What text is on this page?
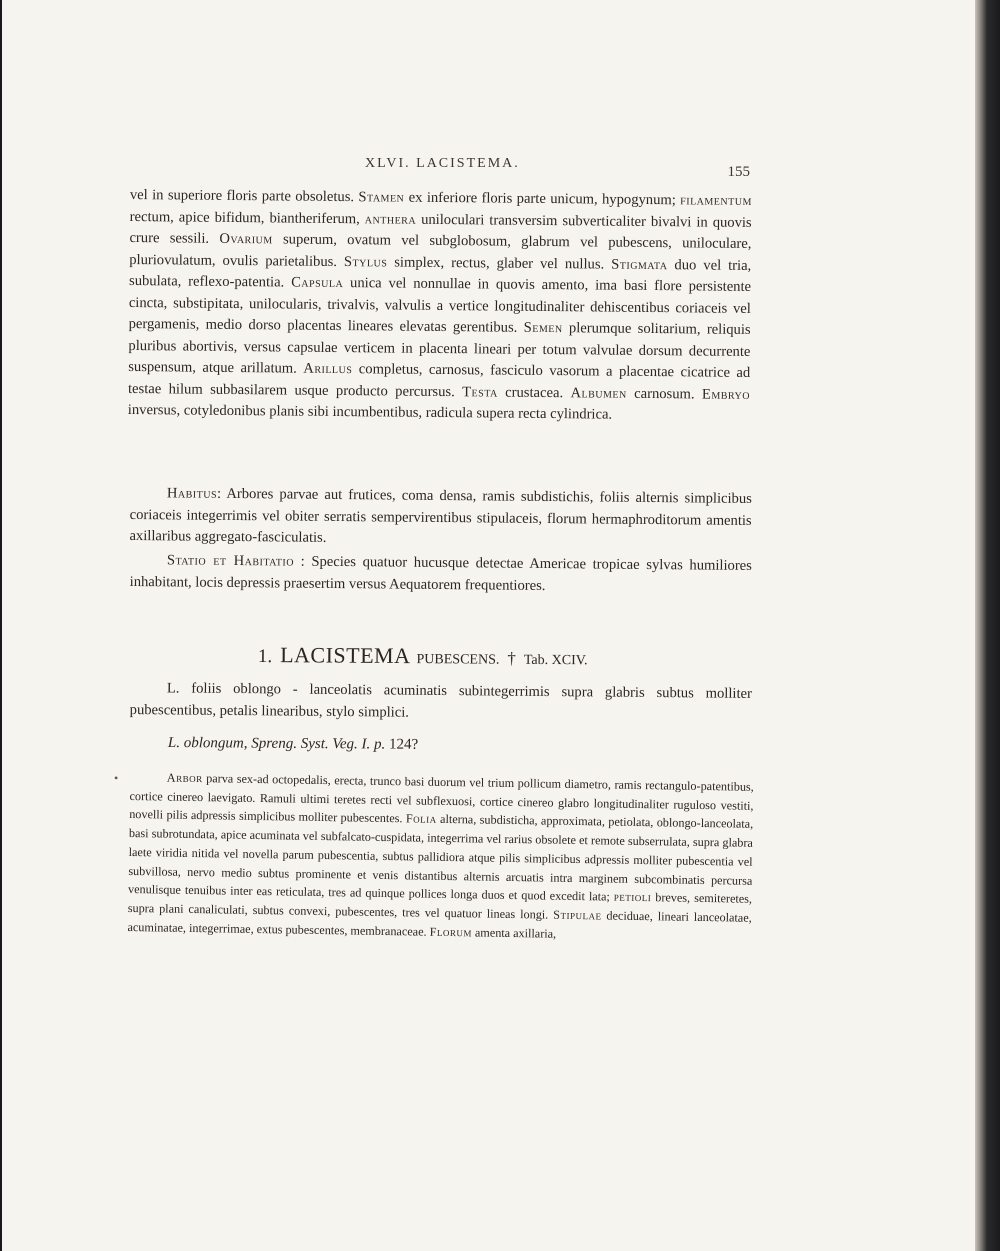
XLVI. LACISTEMA.
155

vel in superiore floris parte obsoletus. Stamen ex inferiore floris parte unicum, hypogynum; filamentum rectum, apice bifidum, biantheriferum, anthera uniloculari transversim subverticaliter bivalvi in quovis crure sessili. Ovarium superum, ovatum vel subglobosum, glabrum vel pubescens, uniloculare, pluriovulatum, ovulis parietalibus. Stylus simplex, rectus, glaber vel nullus. Stigmata duo vel tria, subulata, reflexo-patentia. Capsula unica vel nonnullae in quovis amento, ima basi flore persistente cincta, substipitata, unilocularis, trivalvis, valvulis a vertice longitudinaliter dehiscentibus coriaceis vel pergamenis, medio dorso placentas lineares elevatas gerentibus. Semen plerumque solitarium, reliquis pluribus abortivis, versus capsulae verticem in placenta lineari per totum valvulae dorsum decurrente suspensum, atque arillatum. Arillus completus, carnosus, fasciculo vasorum a placentae cicatrice ad testae hilum subbasilarem usque producto percursus. Testa crustacea. Albumen carnosum. Embryo inversus, cotyledonibus planis sibi incumbentibus, radicula supera recta cylindrica.

Habitus: Arbores parvae aut frutices, coma densa, ramis subdistichis, foliis alternis simplicibus coriaceis integerrimis vel obiter serratis sempervirentibus stipulaceis, florum hermaphroditorum amentis axillaribus aggregato-fasciculatis.

Statio et Habitatio : Species quatuor hucusque detectae Americae tropicae sylvas humiliores inhabitant, locis depressis praesertim versus Aequatorem frequentiores.

1. LACISTEMA PUBESCENS. † Tab. XCIV.

L. foliis oblongo - lanceolatis acuminatis subintegerrimis supra glabris subtus molliter pubescentibus, petalis linearibus, stylo simplici.

L. oblongum, Spreng. Syst. Veg. I. p. 124?
•	Arbor parva sex-ad octopedalis, erecta, trunco basi duorum vel trium pollicum diametro, ramis rectangulo-patentibus, cortice cinereo laevigato. Ramuli ultimi teretes recti vel subflexuosi, cortice cinereo glabro longitudinaliter ruguloso vestiti, novelli pilis adpressis simplicibus molliter pubescentes. Folia alterna, subdisticha, approximata, petiolata, oblongo-lanceolata, basi subrotundata, apice acuminata vel subfalcato-cuspidata, integerrima vel rarius obsolete et remote subserrulata, supra glabra laete viridia nitida vel novella parum pubescentia, subtus pallidiora atque pilis simplicibus adpressis molliter pubescentia vel subvillosa, nervo medio subtus prominente et venis distantibus alternis arcuatis intra marginem subcombinatis percursa venulisque tenuibus inter eas reticulata, tres ad quinque pollices longa duos et quod excedit lata; petioli breves, semiteretes, supra plani canaliculati, subtus convexi, pubescentes, tres vel quatuor lineas longi. Stipulae deciduae, lineari lanceolatae, acuminatae, integerrimae, extus pubescentes, membranaceae. Florum amenta axillaria,
